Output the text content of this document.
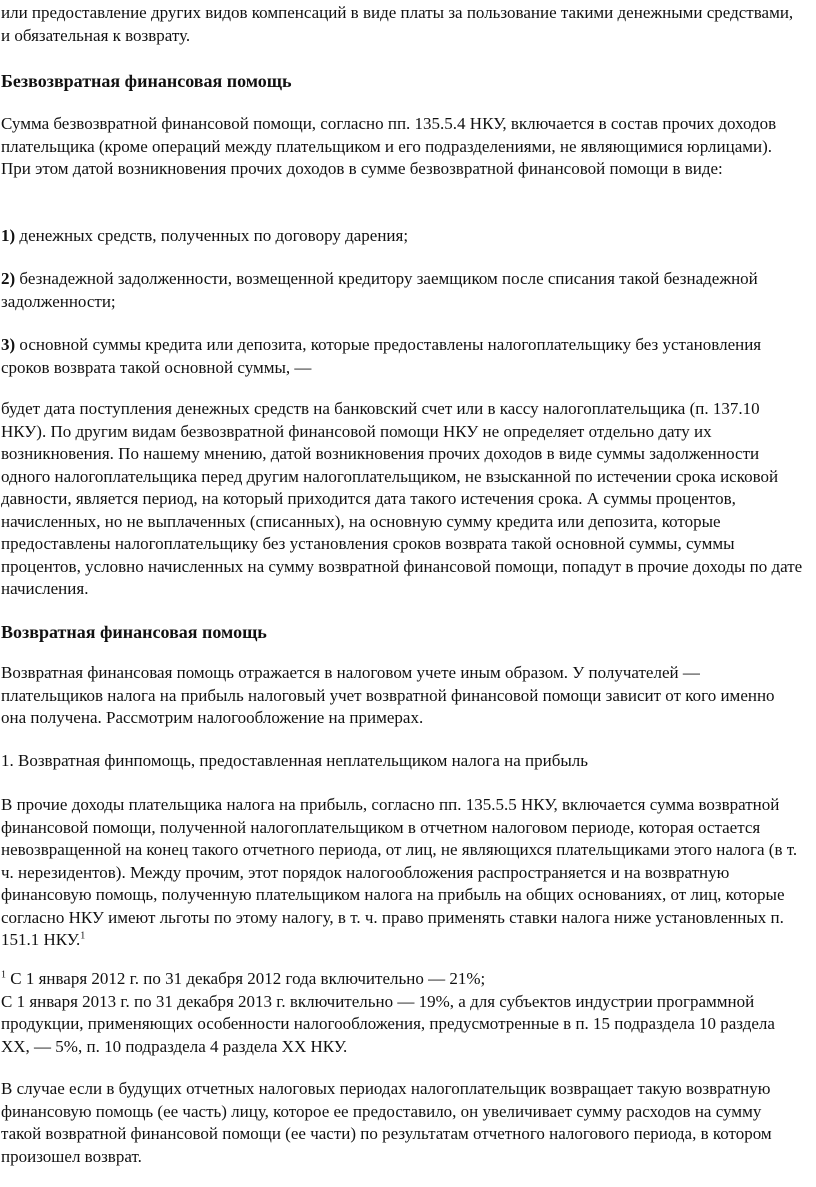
или предоставление других видов компенсаций в виде платы за пользование такими денежными средствами, и обязательная к возврату.

Безвозвратная финансовая помощь

Сумма безвозвратной финансовой помощи, согласно пп. 135.5.4 НКУ, включается в состав прочих доходов плательщика (кроме операций между плательщиком и его подразделениями, не являющимися юрлицами). При этом датой возникновения прочих доходов в сумме безвозвратной финансовой помощи в виде:

1) денежных средств, полученных по договору дарения;

2) безнадежной задолженности, возмещенной кредитору заемщиком после списания такой безнадежной задолженности;

3) основной суммы кредита или депозита, которые предоставлены налогоплательщику без установления сроков возврата такой основной суммы, —

будет дата поступления денежных средств на банковский счет или в кассу налогоплательщика (п. 137.10 НКУ). По другим видам безвозвратной финансовой помощи НКУ не определяет отдельно дату их возникновения. По нашему мнению, датой возникновения прочих доходов в виде суммы задолженности одного налогоплательщика перед другим налогоплательщиком, не взысканной по истечении срока исковой давности, является период, на который приходится дата такого истечения срока. А суммы процентов, начисленных, но не выплаченных (списанных), на основную сумму кредита или депозита, которые предоставлены налогоплательщику без установления сроков возврата такой основной суммы, суммы процентов, условно начисленных на сумму возвратной финансовой помощи, попадут в прочие доходы по дате начисления.

Возвратная финансовая помощь

Возвратная финансовая помощь отражается в налоговом учете иным образом. У получателей — плательщиков налога на прибыль налоговый учет возвратной финансовой помощи зависит от кого именно она получена. Рассмотрим налогообложение на примерах.

1. Возвратная финпомощь, предоставленная неплательщиком налога на прибыль

В прочие доходы плательщика налога на прибыль, согласно пп. 135.5.5 НКУ, включается сумма возвратной финансовой помощи, полученной налогоплательщиком в отчетном налоговом периоде, которая остается невозвращенной на конец такого отчетного периода, от лиц, не являющихся плательщиками этого налога (в т. ч. нерезидентов). Между прочим, этот порядок налогообложения распространяется и на возвратную финансовую помощь, полученную плательщиком налога на прибыль на общих основаниях, от лиц, которые согласно НКУ имеют льготы по этому налогу, в т. ч. право применять ставки налога ниже установленных п. 151.1 НКУ.$^1$

$^1$ С 1 января 2012 г. по 31 декабря 2012 года включительно — 21%;
С 1 января 2013 г. по 31 декабря 2013 г. включительно — 19%, а для субъектов индустрии программной продукции, применяющих особенности налогообложения, предусмотренные в п. 15 подраздела 10 раздела ХХ, — 5%, п. 10 подраздела 4 раздела ХХ НКУ.

В случае если в будущих отчетных налоговых периодах налогоплательщик возвращает такую возвратную финансовую помощь (ее часть) лицу, которое ее предоставило, он увеличивает сумму расходов на сумму такой возвратной финансовой помощи (ее части) по результатам отчетного налогового периода, в котором произошел возврат.
